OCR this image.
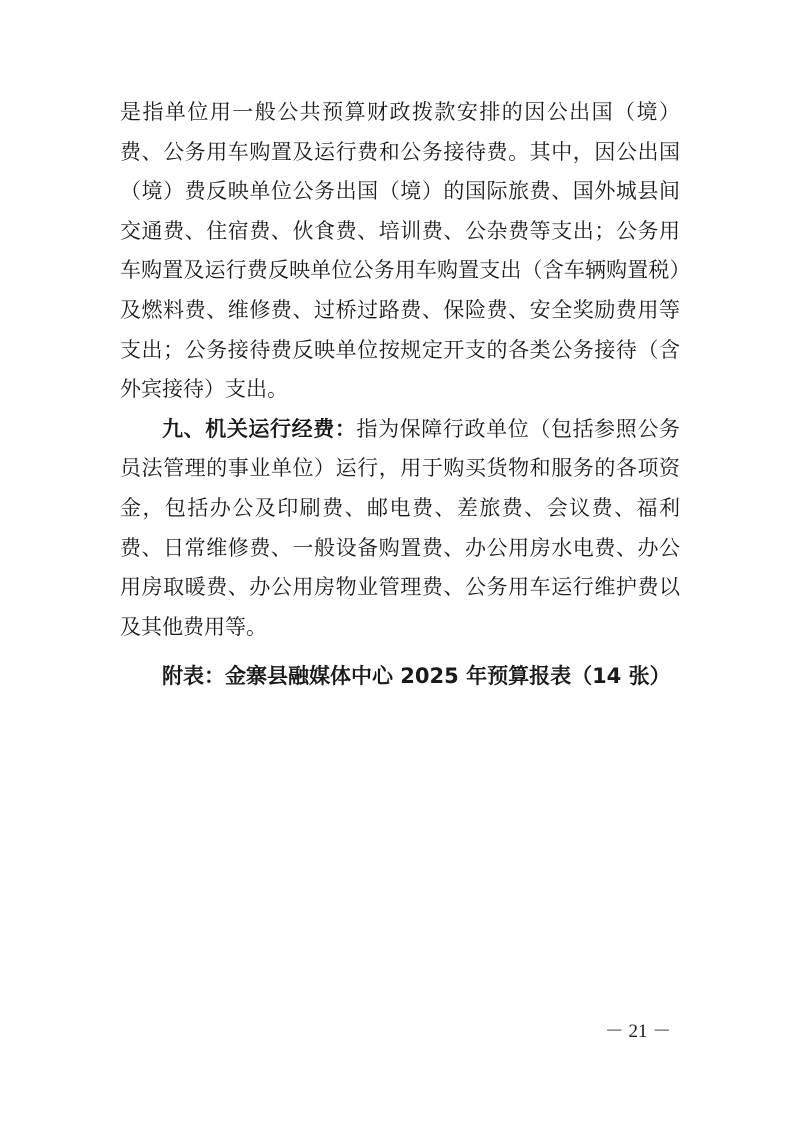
是指单位用一般公共预算财政拨款安排的因公出国（境）费、公务用车购置及运行费和公务接待费。其中，因公出国（境）费反映单位公务出国（境）的国际旅费、国外城县间交通费、住宿费、伙食费、培训费、公杂费等支出；公务用车购置及运行费反映单位公务用车购置支出（含车辆购置税）及燃料费、维修费、过桥过路费、保险费、安全奖励费用等支出；公务接待费反映单位按规定开支的各类公务接待（含外宾接待）支出。

九、机关运行经费：指为保障行政单位（包括参照公务员法管理的事业单位）运行，用于购买货物和服务的各项资金，包括办公及印刷费、邮电费、差旅费、会议费、福利费、日常维修费、一般设备购置费、办公用房水电费、办公用房取暖费、办公用房物业管理费、公务用车运行维护费以及其他费用等。

附表：金寨县融媒体中心 2025 年预算报表（14 张）
－ 21 －
